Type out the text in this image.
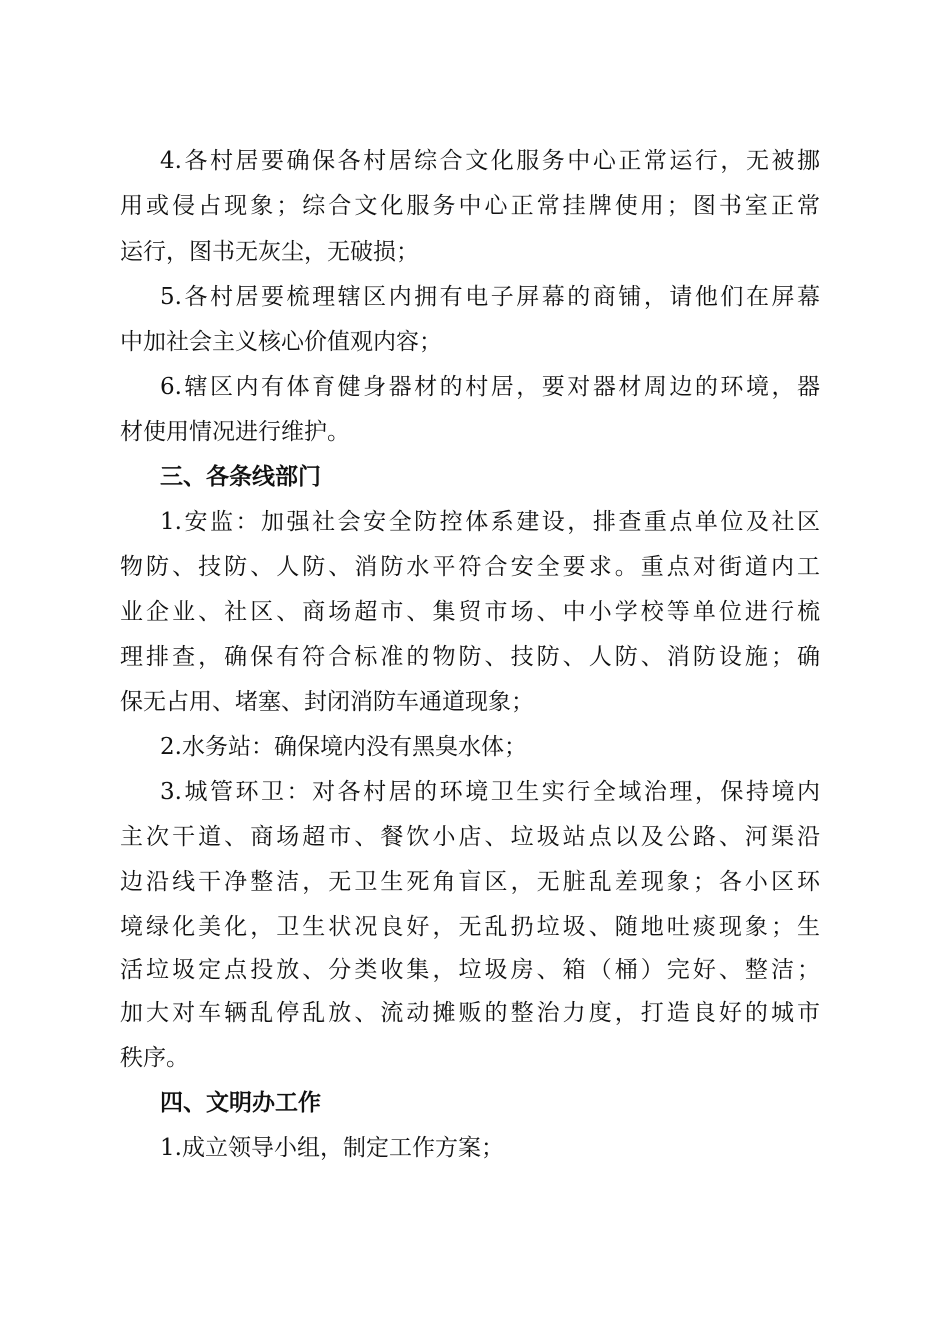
4.各村居要确保各村居综合文化服务中心正常运行，无被挪
用或侵占现象；综合文化服务中心正常挂牌使用；图书室正常
运行，图书无灰尘，无破损；
5.各村居要梳理辖区内拥有电子屏幕的商铺，请他们在屏幕
中加社会主义核心价值观内容；
6.辖区内有体育健身器材的村居，要对器材周边的环境，器
材使用情况进行维护。
三、各条线部门
1.安监：加强社会安全防控体系建设，排查重点单位及社区
物防、技防、人防、消防水平符合安全要求。重点对街道内工
业企业、社区、商场超市、集贸市场、中小学校等单位进行梳
理排查，确保有符合标准的物防、技防、人防、消防设施；确
保无占用、堵塞、封闭消防车通道现象；
2.水务站：确保境内没有黑臭水体；
3.城管环卫：对各村居的环境卫生实行全域治理，保持境内
主次干道、商场超市、餐饮小店、垃圾站点以及公路、河渠沿
边沿线干净整洁，无卫生死角盲区，无脏乱差现象；各小区环
境绿化美化，卫生状况良好，无乱扔垃圾、随地吐痰现象；生
活垃圾定点投放、分类收集，垃圾房、箱（桶）完好、整洁；
加大对车辆乱停乱放、流动摊贩的整治力度，打造良好的城市
秩序。
四、文明办工作
1.成立领导小组，制定工作方案；
